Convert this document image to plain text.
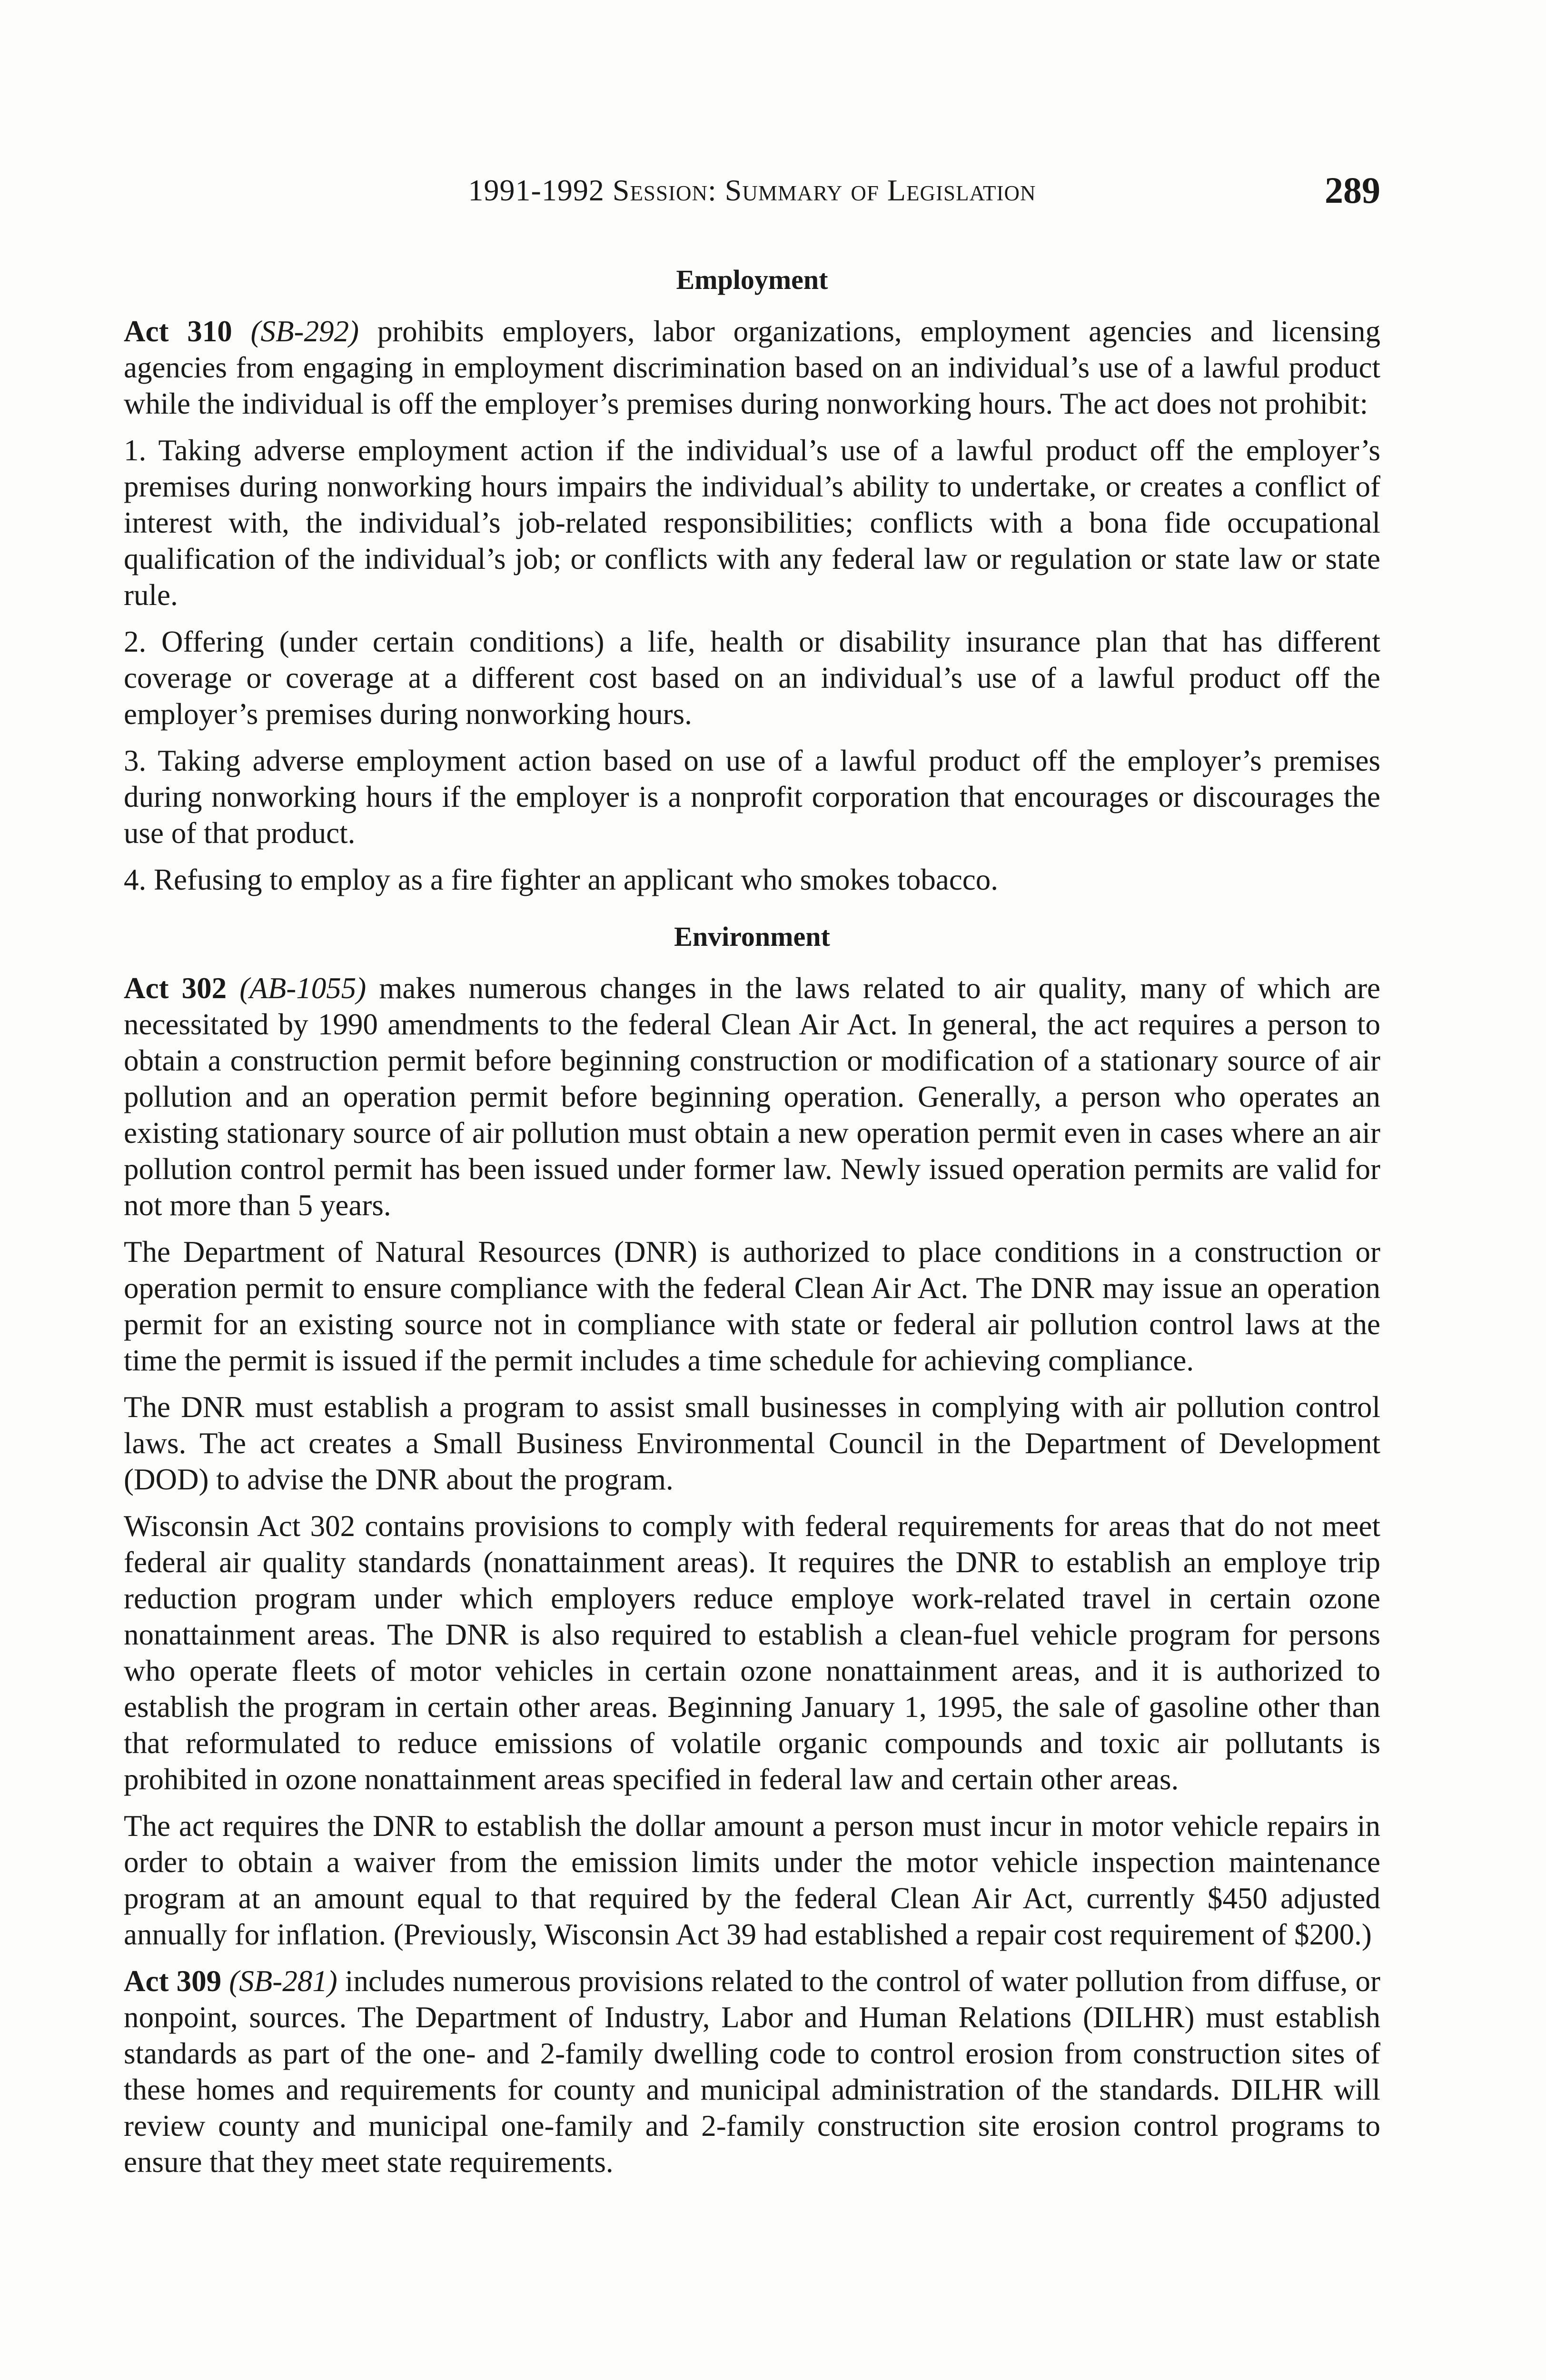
1991-1992 Session: Summary of Legislation	289
Employment

Act 310 (SB-292) prohibits employers, labor organizations, employment agencies and licensing agencies from engaging in employment discrimination based on an individual’s use of a lawful product while the individual is off the employer’s premises during nonworking hours. The act does not prohibit:

1. Taking adverse employment action if the individual’s use of a lawful product off the employer’s premises during nonworking hours impairs the individual’s ability to undertake, or creates a conflict of interest with, the individual’s job-related responsibilities; conflicts with a bona fide occupational qualification of the individual’s job; or conflicts with any federal law or regulation or state law or state rule.

2. Offering (under certain conditions) a life, health or disability insurance plan that has different coverage or coverage at a different cost based on an individual’s use of a lawful product off the employer’s premises during nonworking hours.

3. Taking adverse employment action based on use of a lawful product off the employer’s premises during nonworking hours if the employer is a nonprofit corporation that encourages or discourages the use of that product.

4. Refusing to employ as a fire fighter an applicant who smokes tobacco.

Environment

Act 302 (AB-1055) makes numerous changes in the laws related to air quality, many of which are necessitated by 1990 amendments to the federal Clean Air Act. In general, the act requires a person to obtain a construction permit before beginning construction or modification of a stationary source of air pollution and an operation permit before beginning operation. Generally, a person who operates an existing stationary source of air pollution must obtain a new operation permit even in cases where an air pollution control permit has been issued under former law. Newly issued operation permits are valid for not more than 5 years.

The Department of Natural Resources (DNR) is authorized to place conditions in a construction or operation permit to ensure compliance with the federal Clean Air Act. The DNR may issue an operation permit for an existing source not in compliance with state or federal air pollution control laws at the time the permit is issued if the permit includes a time schedule for achieving compliance.

The DNR must establish a program to assist small businesses in complying with air pollution control laws. The act creates a Small Business Environmental Council in the Department of Development (DOD) to advise the DNR about the program.

Wisconsin Act 302 contains provisions to comply with federal requirements for areas that do not meet federal air quality standards (nonattainment areas). It requires the DNR to establish an employe trip reduction program under which employers reduce employe work-related travel in certain ozone nonattainment areas. The DNR is also required to establish a clean-fuel vehicle program for persons who operate fleets of motor vehicles in certain ozone nonattainment areas, and it is authorized to establish the program in certain other areas. Beginning January 1, 1995, the sale of gasoline other than that reformulated to reduce emissions of volatile organic compounds and toxic air pollutants is prohibited in ozone nonattainment areas specified in federal law and certain other areas.

The act requires the DNR to establish the dollar amount a person must incur in motor vehicle repairs in order to obtain a waiver from the emission limits under the motor vehicle inspection maintenance program at an amount equal to that required by the federal Clean Air Act, currently $450 adjusted annually for inflation. (Previously, Wisconsin Act 39 had established a repair cost requirement of $200.)

Act 309 (SB-281) includes numerous provisions related to the control of water pollution from diffuse, or nonpoint, sources. The Department of Industry, Labor and Human Relations (DILHR) must establish standards as part of the one- and 2-family dwelling code to control erosion from construction sites of these homes and requirements for county and municipal administration of the standards. DILHR will review county and municipal one-family and 2-family construction site erosion control programs to ensure that they meet state requirements.
